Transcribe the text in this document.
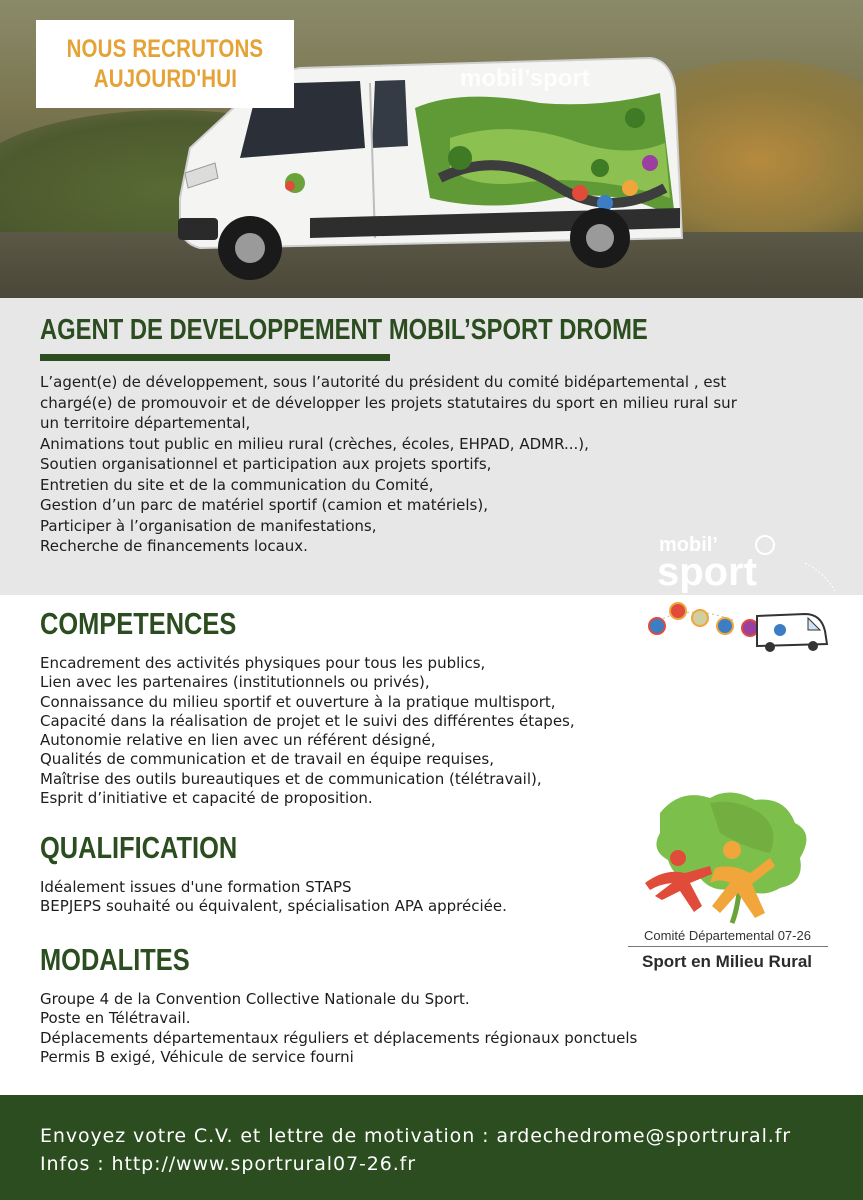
mobil’sport
NOUS RECRUTONS
AUJOURD'HUI
AGENT DE DEVELOPPEMENT MOBIL’SPORT DROME
L’agent(e) de développement, sous l’autorité du président du comité bidépartemental , est
chargé(e) de promouvoir et de développer les projets statutaires du sport en milieu rural sur
un territoire départemental,
Animations tout public en milieu rural (crèches, écoles, EHPAD, ADMR...),
Soutien organisationnel et participation aux projets sportifs,
Entretien du site et de la communication du Comité,
Gestion d’un parc de matériel sportif (camion et matériels),
Participer à l’organisation de manifestations,
Recherche de financements locaux.	mobil’
sport
COMPETENCES
Encadrement des activités physiques pour tous les publics,
Lien avec les partenaires (institutionnels ou privés),
Connaissance du milieu sportif et ouverture à la pratique multisport,
Capacité dans la réalisation de projet et le suivi des différentes étapes,
Autonomie relative en lien avec un référent désigné,
Qualités de communication et de travail en équipe requises,
Maîtrise des outils bureautiques et de communication (télétravail),
Esprit d’initiative et capacité de proposition.
QUALIFICATION
Idéalement issues d'une formation STAPS
BEPJEPS souhaité ou équivalent, spécialisation APA appréciée.
MODALITES
Groupe 4 de la Convention Collective Nationale du Sport.
Poste en Télétravail.
Déplacements départementaux réguliers et déplacements régionaux ponctuels
Permis B exigé, Véhicule de service fourni
Comité Départemental 07-26
Sport en Milieu Rural
Envoyez votre C.V. et lettre de motivation : ardechedrome@sportrural.fr
Infos : http://www.sportrural07-26.fr
